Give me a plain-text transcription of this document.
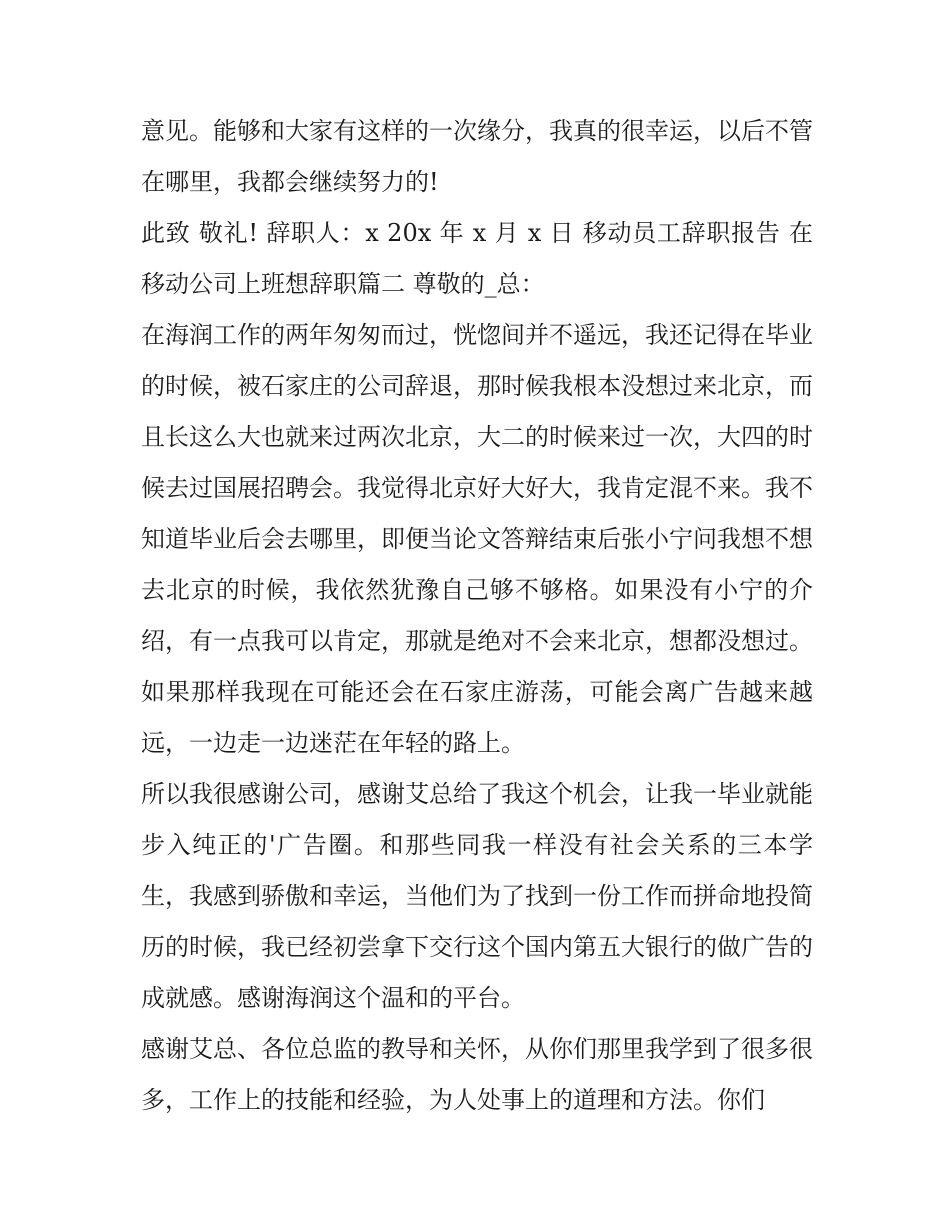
意见。能够和大家有这样的一次缘分，我真的很幸运，以后不管在哪里，我都会继续努力的!

此致 敬礼! 辞职人：x 20x 年 x 月 x 日 移动员工辞职报告 在移动公司上班想辞职篇二 尊敬的_总：

在海润工作的两年匆匆而过，恍惚间并不遥远，我还记得在毕业的时候，被石家庄的公司辞退，那时候我根本没想过来北京，而且长这么大也就来过两次北京，大二的时候来过一次，大四的时候去过国展招聘会。我觉得北京好大好大，我肯定混不来。我不知道毕业后会去哪里，即便当论文答辩结束后张小宁问我想不想去北京的时候，我依然犹豫自己够不够格。如果没有小宁的介绍，有一点我可以肯定，那就是绝对不会来北京，想都没想过。如果那样我现在可能还会在石家庄游荡，可能会离广告越来越远，一边走一边迷茫在年轻的路上。

所以我很感谢公司，感谢艾总给了我这个机会，让我一毕业就能步入纯正的'广告圈。和那些同我一样没有社会关系的三本学生，我感到骄傲和幸运，当他们为了找到一份工作而拼命地投简历的时候，我已经初尝拿下交行这个国内第五大银行的做广告的成就感。感谢海润这个温和的平台。

感谢艾总、各位总监的教导和关怀，从你们那里我学到了很多很多，工作上的技能和经验，为人处事上的道理和方法。你们
